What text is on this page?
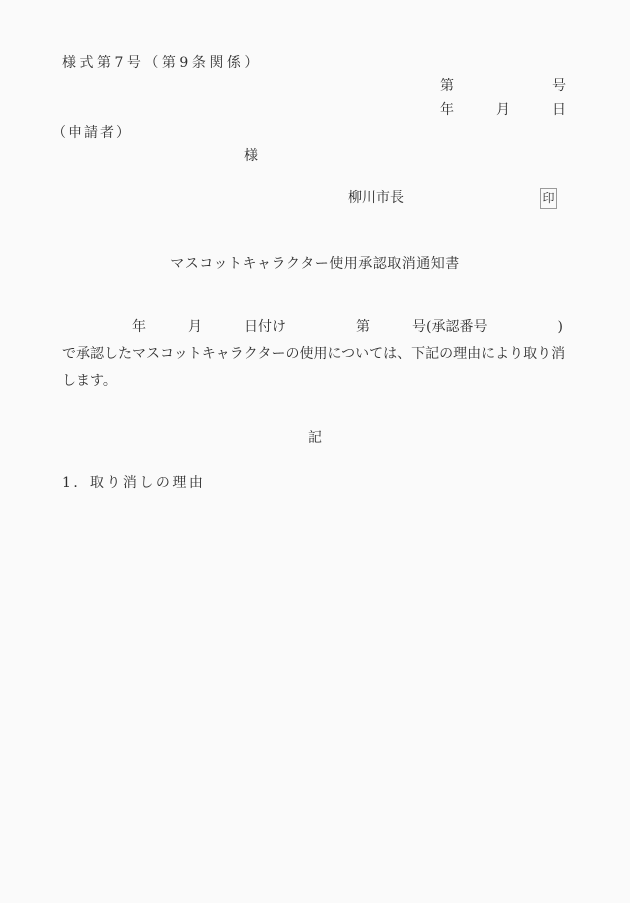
様式第7号（第9条関係）
第　　　　　　　号
年　　　月　　　日
（申請者）
様
柳川市長	印
マスコットキャラクター使用承認取消通知書
　　　　　年　　　月　　　日付け　　　　　第　　　号(承認番号　　　　　)
で承認したマスコットキャラクターの使用については、下記の理由により取り消
します。
記
1．取り消しの理由
